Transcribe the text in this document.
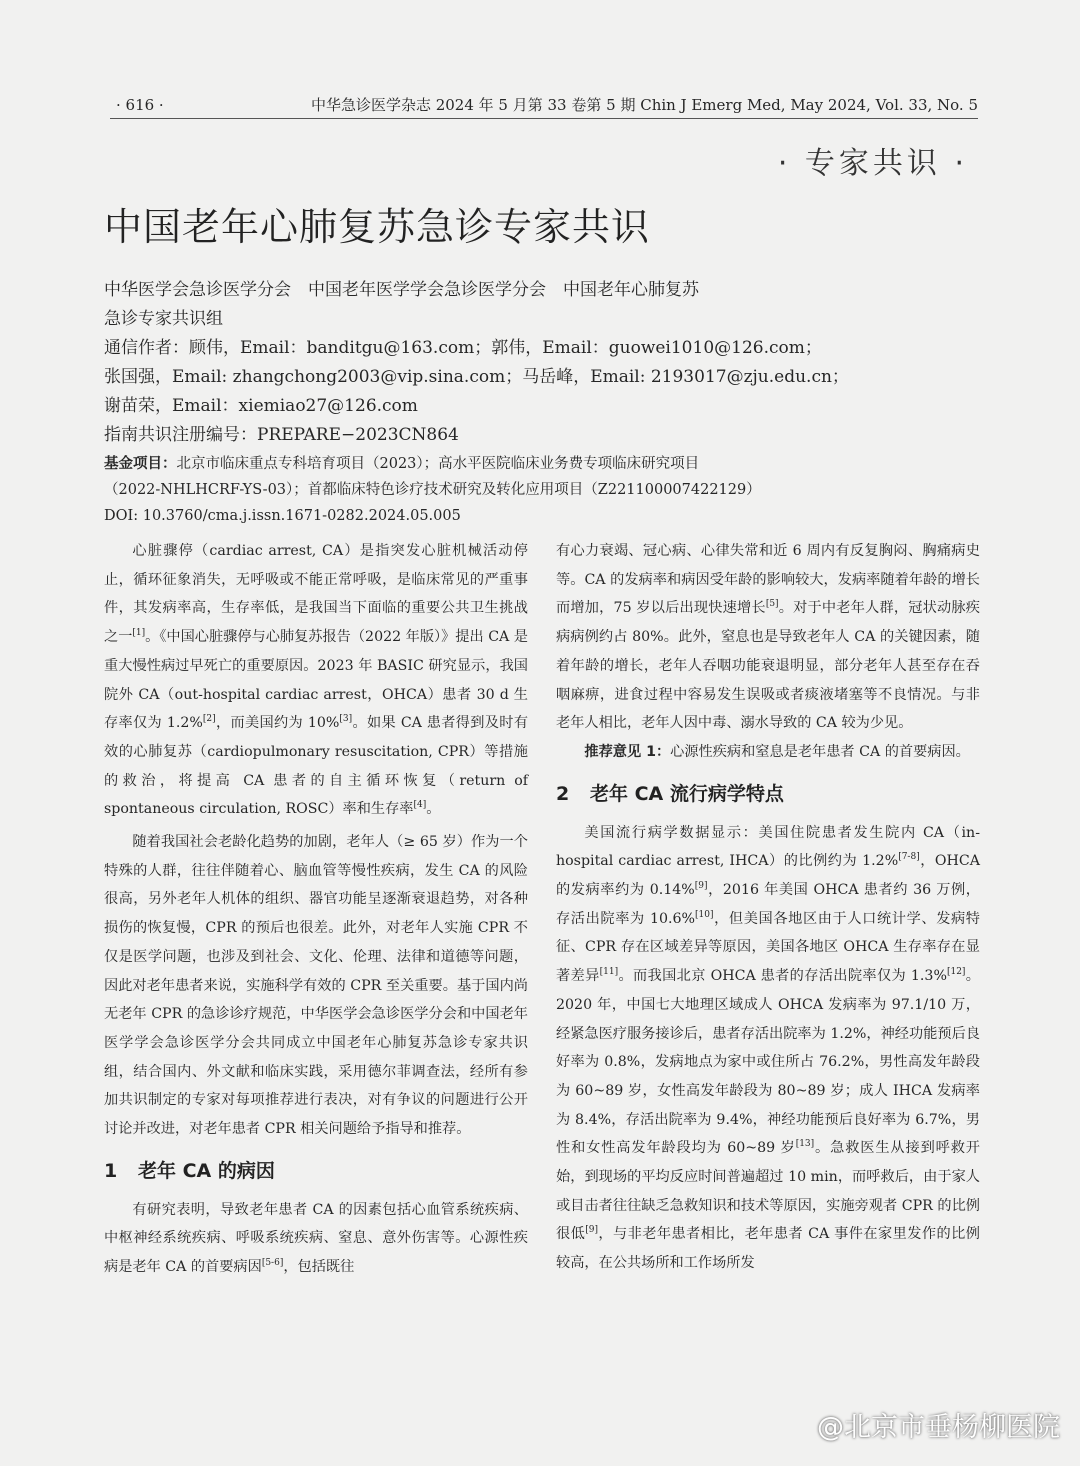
· 616 ·	中华急诊医学杂志 2024 年 5 月第 33 卷第 5 期 Chin J Emerg Med, May 2024, Vol. 33, No. 5
· 专家共识 ·
中国老年心肺复苏急诊专家共识
中华医学会急诊医学分会　中国老年医学学会急诊医学分会　中国老年心肺复苏
急诊专家共识组
通信作者：顾伟，Email：banditgu@163.com；郭伟，Email：guowei1010@126.com；
张国强，Email: zhangchong2003@vip.sina.com；马岳峰，Email: 2193017@zju.edu.cn；
谢苗荣，Email：xiemiao27@126.com
指南共识注册编号：PREPARE−2023CN864
基金项目：北京市临床重点专科培育项目（2023）；高水平医院临床业务费专项临床研究项目
（2022-NHLHCRF-YS-03）；首都临床特色诊疗技术研究及转化应用项目（Z221100007422129）
DOI: 10.3760/cma.j.issn.1671-0282.2024.05.005

心脏骤停（cardiac arrest, CA）是指突发心脏机械活动停止，循环征象消失，无呼吸或不能正常呼吸，是临床常见的严重事件，其发病率高，生存率低，是我国当下面临的重要公共卫生挑战之一[1]。《中国心脏骤停与心肺复苏报告（2022 年版）》提出 CA 是重大慢性病过早死亡的重要原因。2023 年 BASIC 研究显示，我国院外 CA（out-hospital cardiac arrest，OHCA）患者 30 d 生存率仅为 1.2%[2]，而美国约为 10%[3]。如果 CA 患者得到及时有效的心肺复苏（cardiopulmonary resuscitation, CPR）等措施的救治，将提高 CA 患者的自主循环恢复（return of spontaneous circulation, ROSC）率和生存率[4]。

随着我国社会老龄化趋势的加剧，老年人（≥ 65 岁）作为一个特殊的人群，往往伴随着心、脑血管等慢性疾病，发生 CA 的风险很高，另外老年人机体的组织、器官功能呈逐渐衰退趋势，对各种损伤的恢复慢，CPR 的预后也很差。此外，对老年人实施 CPR 不仅是医学问题，也涉及到社会、文化、伦理、法律和道德等问题，因此对老年患者来说，实施科学有效的 CPR 至关重要。基于国内尚无老年 CPR 的急诊诊疗规范，中华医学会急诊医学分会和中国老年医学学会急诊医学分会共同成立中国老年心肺复苏急诊专家共识组，结合国内、外文献和临床实践，采用德尔菲调查法，经所有参加共识制定的专家对每项推荐进行表决，对有争议的问题进行公开讨论并改进，对老年患者 CPR 相关问题给予指导和推荐。

1 老年 CA 的病因

有研究表明，导致老年患者 CA 的因素包括心血管系统疾病、中枢神经系统疾病、呼吸系统疾病、窒息、意外伤害等。心源性疾病是老年 CA 的首要病因[5-6]，包括既往

有心力衰竭、冠心病、心律失常和近 6 周内有反复胸闷、胸痛病史等。CA 的发病率和病因受年龄的影响较大，发病率随着年龄的增长而增加，75 岁以后出现快速增长[5]。对于中老年人群，冠状动脉疾病病例约占 80%。此外，窒息也是导致老年人 CA 的关键因素，随着年龄的增长，老年人吞咽功能衰退明显，部分老年人甚至存在吞咽麻痹，进食过程中容易发生误吸或者痰液堵塞等不良情况。与非老年人相比，老年人因中毒、溺水导致的 CA 较为少见。

推荐意见 1：心源性疾病和窒息是老年患者 CA 的首要病因。

2 老年 CA 流行病学特点

美国流行病学数据显示：美国住院患者发生院内 CA（in-hospital cardiac arrest, IHCA）的比例约为 1.2%[7-8]，OHCA 的发病率约为 0.14%[9]，2016 年美国 OHCA 患者约 36 万例，存活出院率为 10.6%[10]，但美国各地区由于人口统计学、发病特征、CPR 存在区域差异等原因，美国各地区 OHCA 生存率存在显著差异[11]。而我国北京 OHCA 患者的存活出院率仅为 1.3%[12]。2020 年，中国七大地理区域成人 OHCA 发病率为 97.1/10 万，经紧急医疗服务接诊后，患者存活出院率为 1.2%，神经功能预后良好率为 0.8%，发病地点为家中或住所占 76.2%，男性高发年龄段为 60~89 岁，女性高发年龄段为 80~89 岁；成人 IHCA 发病率为 8.4%，存活出院率为 9.4%，神经功能预后良好率为 6.7%，男性和女性高发年龄段均为 60~89 岁[13]。急救医生从接到呼救开始，到现场的平均反应时间普遍超过 10 min，而呼救后，由于家人或目击者往往缺乏急救知识和技术等原因，实施旁观者 CPR 的比例很低[9]，与非老年患者相比，老年患者 CA 事件在家里发作的比例较高，在公共场所和工作场所发

@北京市垂杨柳医院
